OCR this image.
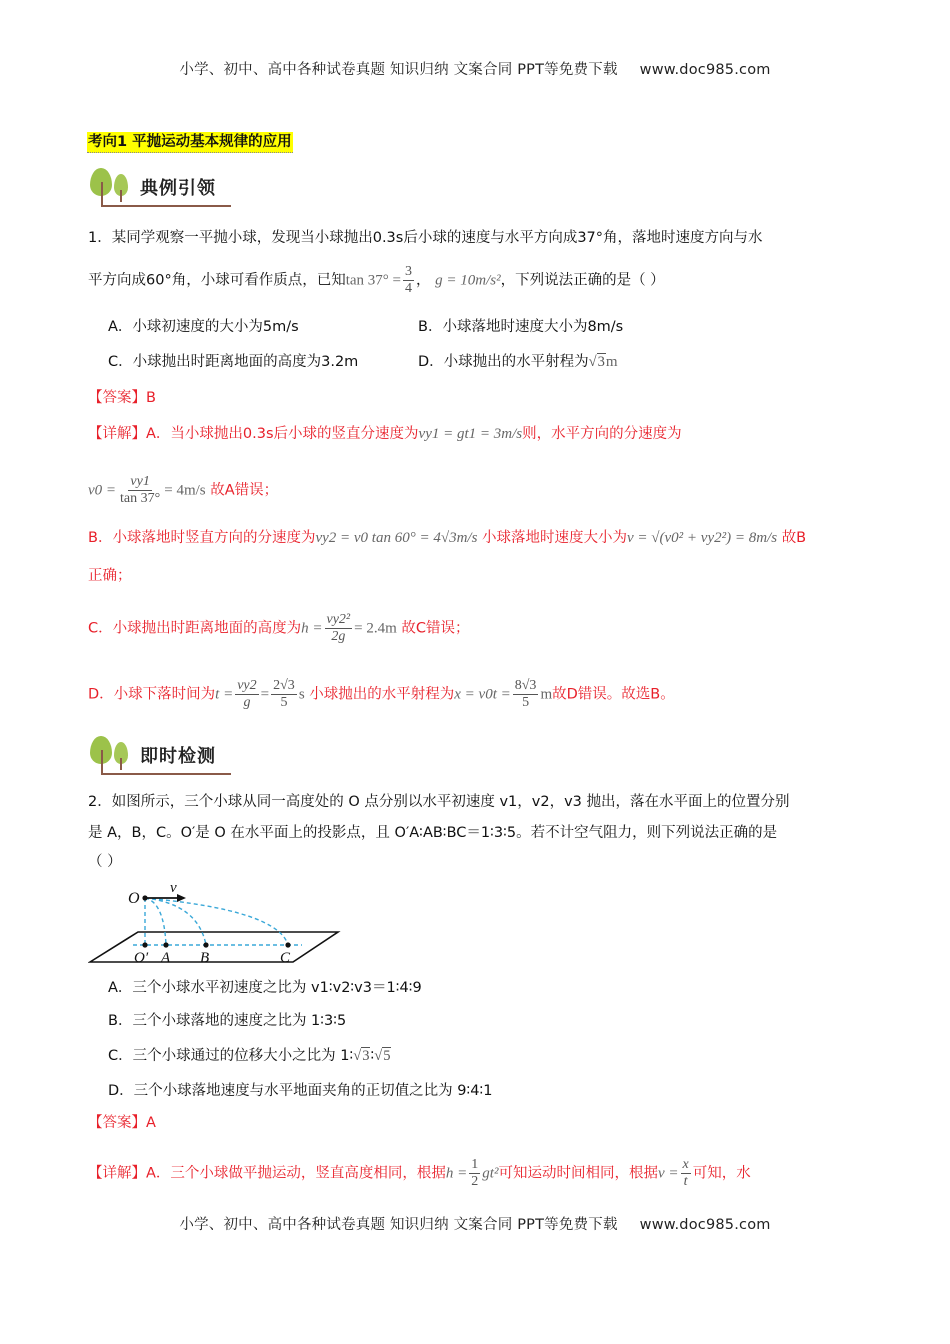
小学、初中、高中各种试卷真题 知识归纳 文案合同 PPT等免费下载 www.doc985.com
考向1 平抛运动基本规律的应用
典例引领
1．某同学观察一平抛小球，发现当小球抛出0.3s后小球的速度与水平方向成37°角，落地时速度方向与水
平方向成60°角，小球可看作质点，已知$\tan 37^\circ = \frac{3}{4}$ ， g = 10m/s²，下列说法正确的是（ ）
A．小球初速度的大小为5m/s	B．小球落地时速度大小为8m/s
C．小球抛出时距离地面的高度为3.2m	D．小球抛出的水平射程为√3m
【答案】B
【详解】A．当小球抛出0.3s后小球的竖直分速度为vy1 = gt1 = 3m/s则，水平方向的分速度为
$v0 = \frac{vy1}{\tan 37^\circ} = 4m/s$ 故A错误；
B．小球落地时竖直方向的分速度为vy2 = v0 tan 60° = 4√3m/s 小球落地时速度大小为v = √(v0² + vy2²) = 8m/s 故B
正确；
C．小球抛出时距离地面的高度为$h = \frac{\text{vy2²}}{2g} = 2.4m$ 故C错误；
D．小球下落时间为$t = \frac{vy2}{g} = \frac{2√3}{5}$ s 小球抛出的水平射程为$x = v0t = \frac{8√3}{5}$ m故D错误。故选B。
即时检测
2．如图所示，三个小球从同一高度处的 O 点分别以水平初速度 v1，v2，v3 抛出，落在水平面上的位置分别
是 A，B，C。O′是 O 在水平面上的投影点，且 O′A∶AB∶BC＝1∶3∶5。若不计空气阻力，则下列说法正确的是
（ ）
O
v
O′ A B	C
A．三个小球水平初速度之比为 v1∶v2∶v3＝1∶4∶9
B．三个小球落地的速度之比为 1∶3∶5
C．三个小球通过的位移大小之比为 1∶√3∶√5
D．三个小球落地速度与水平地面夹角的正切值之比为 9∶4∶1
【答案】A
【详解】A．三个小球做平抛运动，竖直高度相同，根据$h = \frac{1}{2} gt^2$可知运动时间相同，根据$v = \frac{x}{t}$ 可知，水
小学、初中、高中各种试卷真题 知识归纳 文案合同 PPT等免费下载 www.doc985.com
